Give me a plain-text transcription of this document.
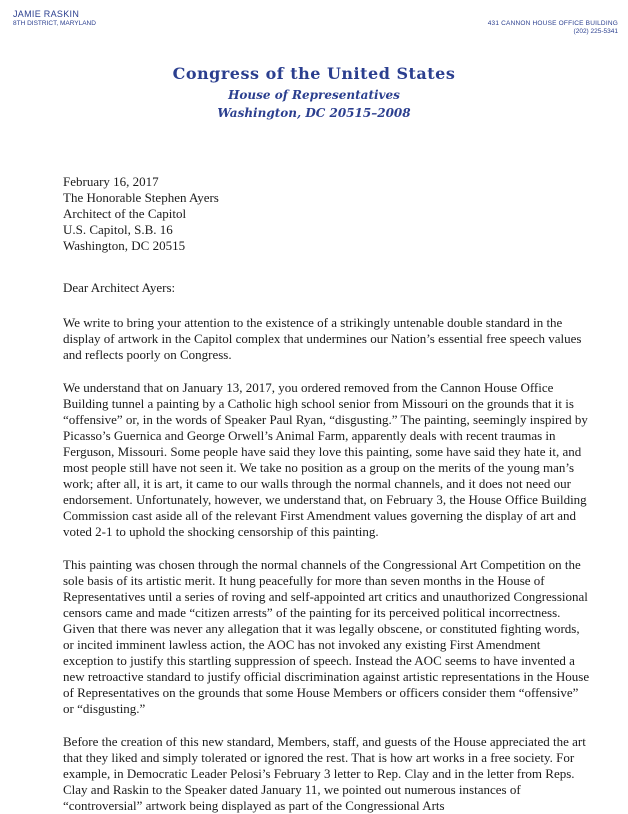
JAMIE RASKIN
8TH DISTRICT, MARYLAND	431 CANNON HOUSE OFFICE BUILDING
(202) 225-5341
Congress of the United States
House of Representatives
Washington, DC 20515–2008
February 16, 2017
The Honorable Stephen Ayers
Architect of the Capitol
U.S. Capitol, S.B. 16
Washington, DC 20515
Dear Architect Ayers:

We write to bring your attention to the existence of a strikingly untenable double standard in the display of artwork in the Capitol complex that undermines our Nation’s essential free speech values and reflects poorly on Congress.

We understand that on January 13, 2017, you ordered removed from the Cannon House Office Building tunnel a painting by a Catholic high school senior from Missouri on the grounds that it is “offensive” or, in the words of Speaker Paul Ryan, “disgusting.” The painting, seemingly inspired by Picasso’s Guernica and George Orwell’s Animal Farm, apparently deals with recent traumas in Ferguson, Missouri. Some people have said they love this painting, some have said they hate it, and most people still have not seen it. We take no position as a group on the merits of the young man’s work; after all, it is art, it came to our walls through the normal channels, and it does not need our endorsement. Unfortunately, however, we understand that, on February 3, the House Office Building Commission cast aside all of the relevant First Amendment values governing the display of art and voted 2-1 to uphold the shocking censorship of this painting.

This painting was chosen through the normal channels of the Congressional Art Competition on the sole basis of its artistic merit. It hung peacefully for more than seven months in the House of Representatives until a series of roving and self-appointed art critics and unauthorized Congressional censors came and made “citizen arrests” of the painting for its perceived political incorrectness. Given that there was never any allegation that it was legally obscene, or constituted fighting words, or incited imminent lawless action, the AOC has not invoked any existing First Amendment exception to justify this startling suppression of speech. Instead the AOC seems to have invented a new retroactive standard to justify official discrimination against artistic representations in the House of Representatives on the grounds that some House Members or officers consider them “offensive” or “disgusting.”

Before the creation of this new standard, Members, staff, and guests of the House appreciated the art that they liked and simply tolerated or ignored the rest. That is how art works in a free society. For example, in Democratic Leader Pelosi’s February 3 letter to Rep. Clay and in the letter from Reps. Clay and Raskin to the Speaker dated January 11, we pointed out numerous instances of “controversial” artwork being displayed as part of the Congressional Arts
